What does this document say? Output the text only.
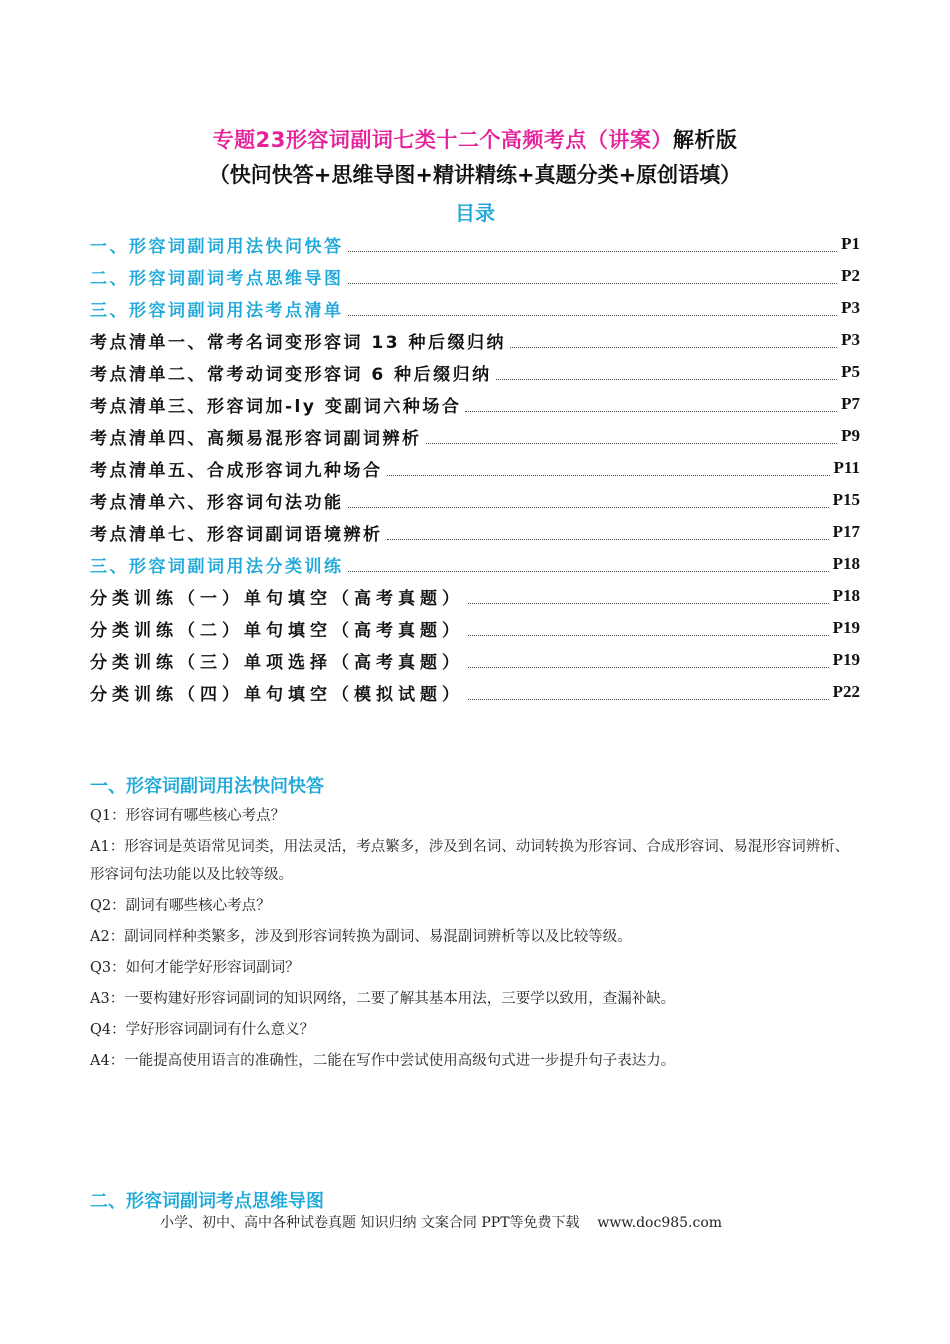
专题23形容词副词七类十二个高频考点（讲案）解析版
（快问快答+思维导图+精讲精练+真题分类+原创语填）
目录
一、形容词副词用法快问快答	P1
二、形容词副词考点思维导图	P2
三、形容词副词用法考点清单	P3
考点清单一、常考名词变形容词 13 种后缀归纳	P3
考点清单二、常考动词变形容词 6 种后缀归纳	P5
考点清单三、形容词加-ly 变副词六种场合	P7
考点清单四、高频易混形容词副词辨析	P9
考点清单五、合成形容词九种场合	P11
考点清单六、形容词句法功能	P15
考点清单七、形容词副词语境辨析	P17
三、形容词副词用法分类训练	P18
分类训练（一）单句填空（高考真题）	P18
分类训练（二）单句填空（高考真题）	P19
分类训练（三）单项选择（高考真题）	P19
分类训练（四）单句填空（模拟试题）	P22
一、形容词副词用法快问快答

Q1：形容词有哪些核心考点？

A1：形容词是英语常见词类，用法灵活，考点繁多，涉及到名词、动词转换为形容词、合成形容词、易混形容词辨析、形容词句法功能以及比较等级。

Q2：副词有哪些核心考点？

A2：副词同样种类繁多，涉及到形容词转换为副词、易混副词辨析等以及比较等级。

Q3：如何才能学好形容词副词？

A3：一要构建好形容词副词的知识网络，二要了解其基本用法，三要学以致用，查漏补缺。

Q4：学好形容词副词有什么意义？

A4：一能提高使用语言的准确性，二能在写作中尝试使用高级句式进一步提升句子表达力。

二、形容词副词考点思维导图
小学、初中、高中各种试卷真题 知识归纳 文案合同 PPT等免费下载 www.doc985.com
